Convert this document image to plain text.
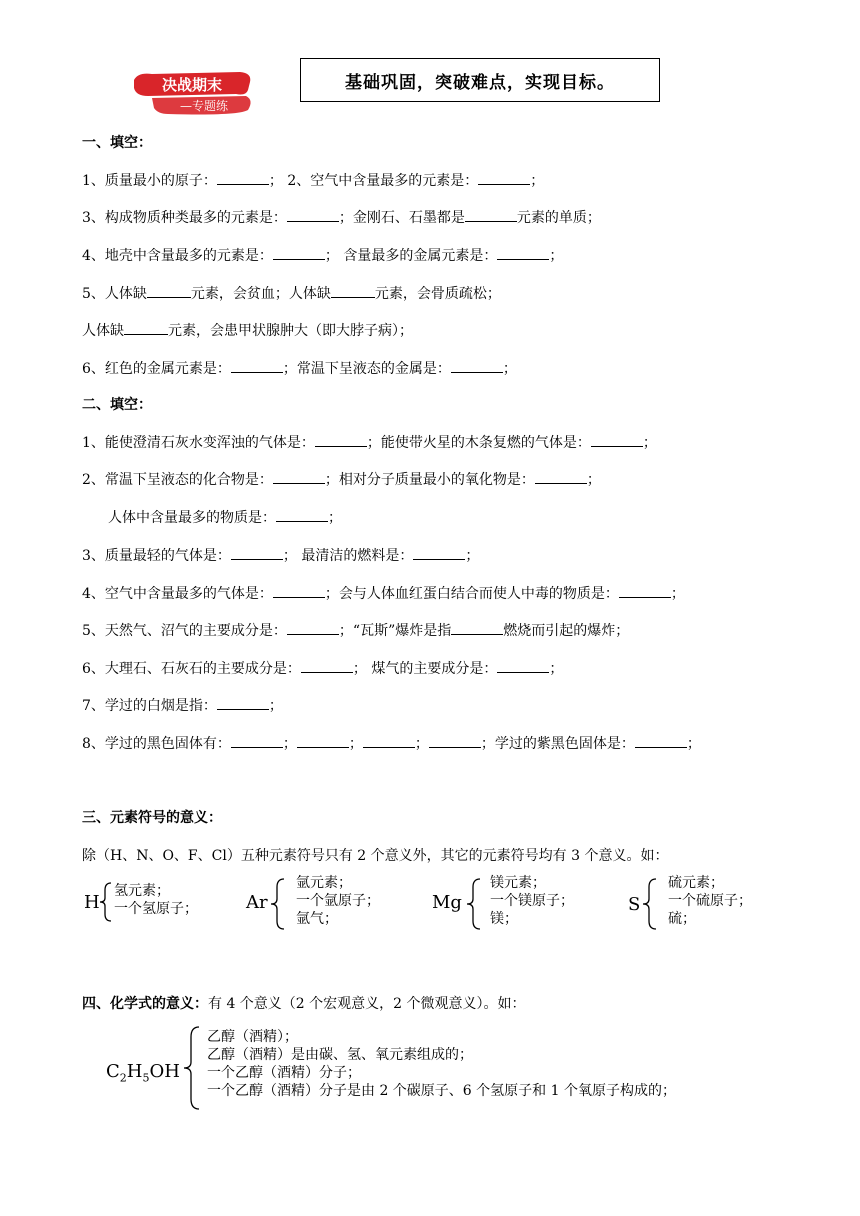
决战期末
—专题练
基础巩固，突破难点，实现目标。
一、填空：
1、质量最小的原子：	； 2、空气中含量最多的元素是：	；
3、构成物质种类最多的元素是：	；金刚石、石墨都是	元素的单质；
4、地壳中含量最多的元素是：	； 含量最多的金属元素是：	；
5、人体缺	元素，会贫血；人体缺	元素，会骨质疏松；
人体缺	元素，会患甲状腺肿大（即大脖子病）；
6、红色的金属元素是：	；常温下呈液态的金属是：	；
二、填空：
1、能使澄清石灰水变浑浊的气体是：	；能使带火星的木条复燃的气体是：	；
2、常温下呈液态的化合物是：	；相对分子质量最小的氧化物是：	；
人体中含量最多的物质是：	；
3、质量最轻的气体是：	； 最清洁的燃料是：	；
4、空气中含量最多的气体是：	；会与人体血红蛋白结合而使人中毒的物质是：	；
5、天然气、沼气的主要成分是：	；“瓦斯”爆炸是指	燃烧而引起的爆炸；
6、大理石、石灰石的主要成分是：	； 煤气的主要成分是：	；
7、学过的白烟是指：	；
8、学过的黑色固体有：	；	；	；	；学过的紫黑色固体是：	；
三、元素符号的意义：
除（H、N、O、F、Cl）五种元素符号只有 2 个意义外，其它的元素符号均有 3 个意义。如：
H
氢元素；
一个氢原子；	Ar
氩元素；
一个氩原子；
氩气；
Mg
镁元素；
一个镁原子；
镁；
S
硫元素；
一个硫原子；
硫；
四、化学式的意义：有 4 个意义（2 个宏观意义，2 个微观意义）。如：
$C_2H_5OH$
乙醇（酒精）；
乙醇（酒精）是由碳、氢、氧元素组成的；
一个乙醇（酒精）分子；
一个乙醇（酒精）分子是由 2 个碳原子、6 个氢原子和 1 个氧原子构成的；
